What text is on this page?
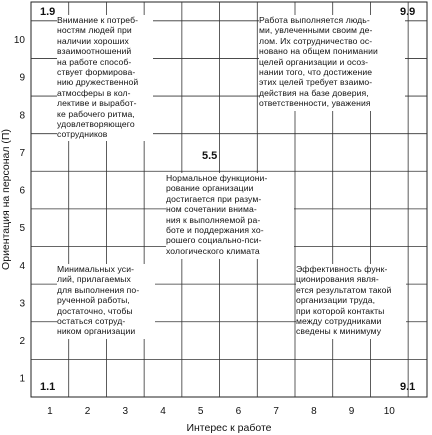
1	2	3	4	5	6	7	8	9	10
1
2
3
4
5
6
7
8
9
10
Интерес к работе
Ориентация на персонал (П)
Внимание к потреб-
ностям людей при
наличии хороших
взаимоотношений
на работе способ-
ствует формирова-
нию дружественной
атмосферы в кол-
лективе и выработ-
ке рабочего ритма,
удовлетворяющего
сотрудников
Работа выполняется людь-
ми, увлеченными своим де-
лом. Их сотрудничество ос-
новано на общем понимании
целей организации и осоз-
нании того, что достижение
этих целей требует взаимо-
действия на базе доверия,
ответственности, уважения
Нормальное функциони-
рование организации
достигается при разум-
ном сочетании внима-
ния к выполняемой ра-
боте и поддержания хо-
рошего социально-пси-
хологического климата
Минимальных уси-
лий, прилагаемых
для выполнения по-
рученной работы,
достаточно, чтобы
остаться сотруд-
ником организации
Эффективность функ-
ционирования явля-
ется результатом такой
организации труда,
при которой контакты
между сотрудниками
сведены к минимуму
1.9	9.9
5.5
1.1	9.1
